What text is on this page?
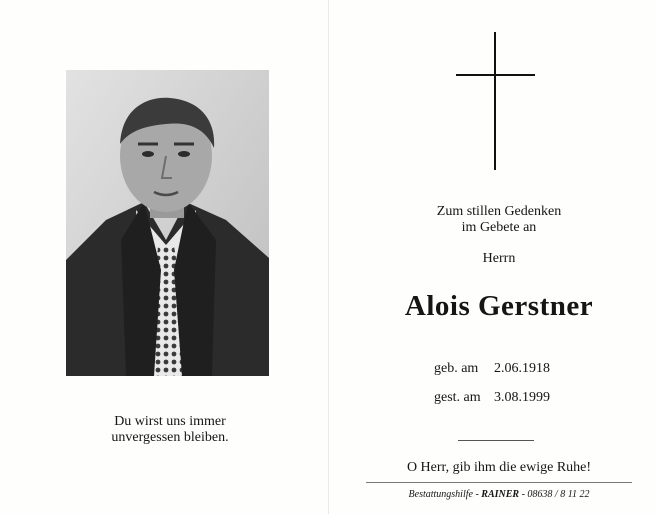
Du wirst uns immer
unvergessen bleiben.
Zum stillen Gedenken
im Gebete an
Herrn
Alois Gerstner
geb. am 2.06.1918
gest. am 3.08.1999
O Herr, gib ihm die ewige Ruhe!
Bestattungshilfe - RAINER - 08638 / 8 11 22
